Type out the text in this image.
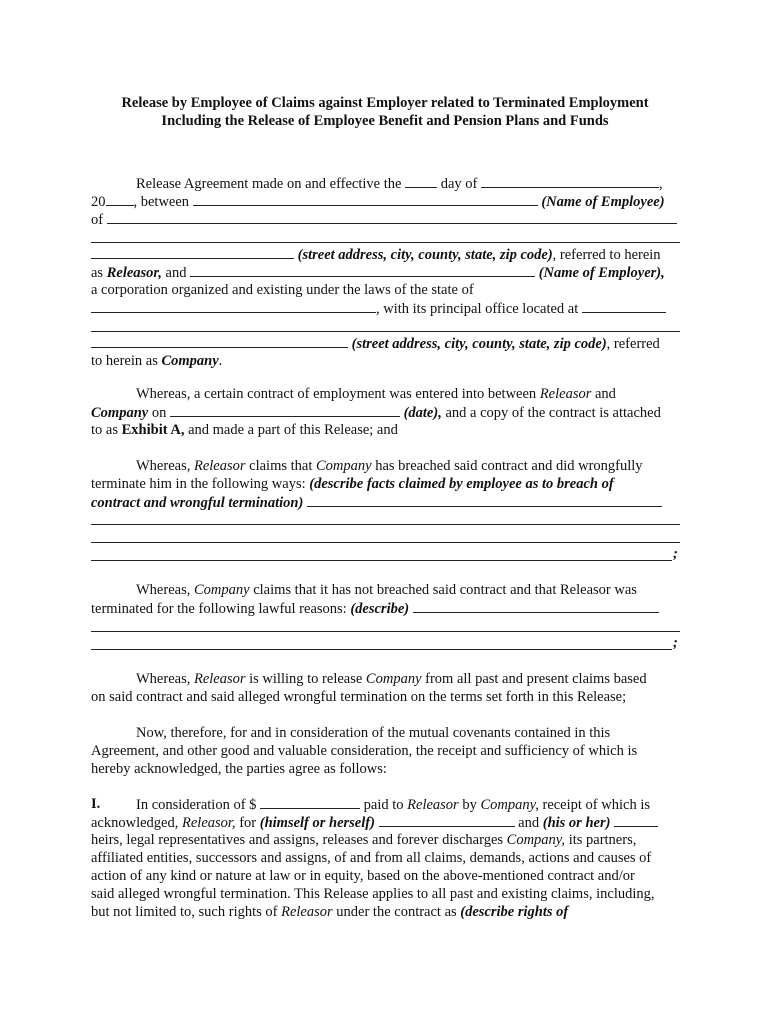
Release by Employee of Claims against Employer related to Terminated Employment
Including the Release of Employee Benefit and Pension Plans and Funds
Release Agreement made on and effective the	day of	,
20 , between	(Name of Employee)
of
(street address, city, county, state, zip code), referred to herein
as Releasor, and	(Name of Employer),
a corporation organized and existing under the laws of the state of
, with its principal office located at
(street address, city, county, state, zip code), referred
to herein as Company.
Whereas, a certain contract of employment was entered into between Releasor and
Company on	(date), and a copy of the contract is attached
to as Exhibit A, and made a part of this Release; and
Whereas, Releasor claims that Company has breached said contract and did wrongfully
terminate him in the following ways: (describe facts claimed by employee as to breach of
contract and wrongful termination)
;
Whereas, Company claims that it has not breached said contract and that Releasor was
terminated for the following lawful reasons: (describe)
;
Whereas, Releasor is willing to release Company from all past and present claims based
on said contract and said alleged wrongful termination on the terms set forth in this Release;
Now, therefore, for and in consideration of the mutual covenants contained in this
Agreement, and other good and valuable consideration, the receipt and sufficiency of which is
hereby acknowledged, the parties agree as follows:
I. In consideration of $	paid to Releasor by Company, receipt of which is
acknowledged, Releasor, for (himself or herself)	and (his or her)
heirs, legal representatives and assigns, releases and forever discharges Company, its partners,
affiliated entities, successors and assigns, of and from all claims, demands, actions and causes of
action of any kind or nature at law or in equity, based on the above-mentioned contract and/or
said alleged wrongful termination. This Release applies to all past and existing claims, including,
but not limited to, such rights of Releasor under the contract as (describe rights of
